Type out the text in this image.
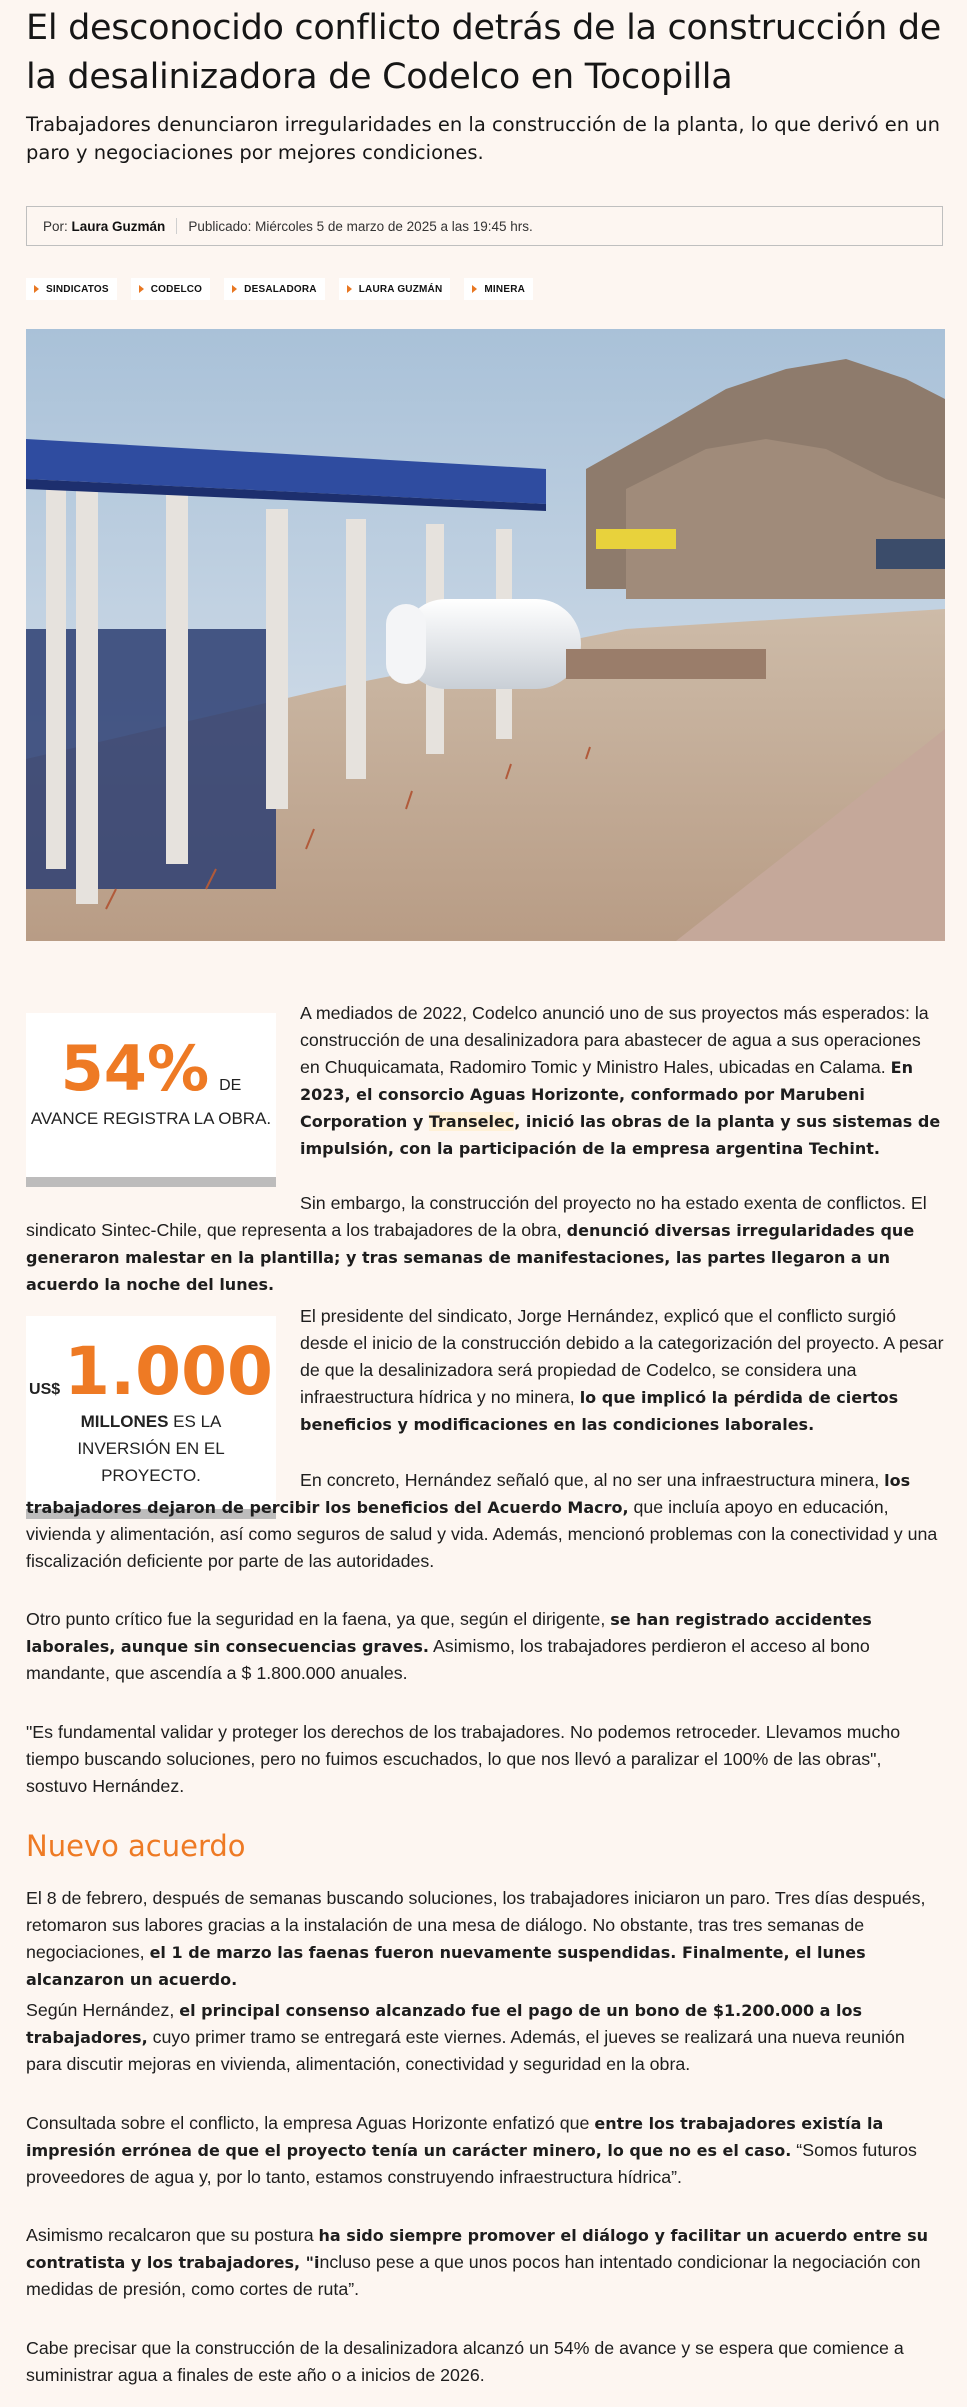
El desconocido conflicto detrás de la construcción de la desalinizadora de Codelco en Tocopilla

Trabajadores denunciaron irregularidades en la construcción de la planta, lo que derivó en un paro y negociaciones por mejores condiciones.

Por:
Laura Guzmán Publicado: Miércoles 5 de marzo de 2025 a las 19:45 hrs.
SINDICATOS	CODELCO	DESALADORA	LAURA GUZMÁN	MINERA
54% DE
AVANCE REGISTRA LA OBRA.
US$1.000
MILLONES ES LA INVERSIÓN EN EL PROYECTO.

A mediados de 2022, Codelco anunció uno de sus proyectos más esperados: la construcción de una desalinizadora para abastecer de agua a sus operaciones en Chuquicamata, Radomiro Tomic y Ministro Hales, ubicadas en Calama. En 2023, el consorcio Aguas Horizonte, conformado por Marubeni Corporation y Transelec, inició las obras de la planta y sus sistemas de impulsión, con la participación de la empresa argentina Techint.

Sin embargo, la construcción del proyecto no ha estado exenta de conflictos. El sindicato Sintec-Chile, que representa a los trabajadores de la obra, denunció diversas irregularidades que generaron malestar en la plantilla; y tras semanas de manifestaciones, las partes llegaron a un acuerdo la noche del lunes.

El presidente del sindicato, Jorge Hernández, explicó que el conflicto surgió desde el inicio de la construcción debido a la categorización del proyecto. A pesar de que la desalinizadora será propiedad de Codelco, se considera una infraestructura hídrica y no minera, lo que implicó la pérdida de ciertos beneficios y modificaciones en las condiciones laborales.

En concreto, Hernández señaló que, al no ser una infraestructura minera, los trabajadores dejaron de percibir los beneficios del Acuerdo Macro, que incluía apoyo en educación, vivienda y alimentación, así como seguros de salud y vida. Además, mencionó problemas con la conectividad y una fiscalización deficiente por parte de las autoridades.

Otro punto crítico fue la seguridad en la faena, ya que, según el dirigente, se han registrado accidentes laborales, aunque sin consecuencias graves. Asimismo, los trabajadores perdieron el acceso al bono mandante, que ascendía a $ 1.800.000 anuales.

"Es fundamental validar y proteger los derechos de los trabajadores. No podemos retroceder. Llevamos mucho tiempo buscando soluciones, pero no fuimos escuchados, lo que nos llevó a paralizar el 100% de las obras", sostuvo Hernández.

Nuevo acuerdo

El 8 de febrero, después de semanas buscando soluciones, los trabajadores iniciaron un paro. Tres días después, retomaron sus labores gracias a la instalación de una mesa de diálogo. No obstante, tras tres semanas de negociaciones, el 1 de marzo las faenas fueron nuevamente suspendidas. Finalmente, el lunes alcanzaron un acuerdo.

Según Hernández, el principal consenso alcanzado fue el pago de un bono de $1.200.000 a los trabajadores, cuyo primer tramo se entregará este viernes. Además, el jueves se realizará una nueva reunión para discutir mejoras en vivienda, alimentación, conectividad y seguridad en la obra.

Consultada sobre el conflicto, la empresa Aguas Horizonte enfatizó que entre los trabajadores existía la impresión errónea de que el proyecto tenía un carácter minero, lo que no es el caso. “Somos futuros proveedores de agua y, por lo tanto, estamos construyendo infraestructura hídrica”.

Asimismo recalcaron que su postura ha sido siempre promover el diálogo y facilitar un acuerdo entre su contratista y los trabajadores, "incluso pese a que unos pocos han intentado condicionar la negociación con medidas de presión, como cortes de ruta”.

Cabe precisar que la construcción de la desalinizadora alcanzó un 54% de avance y se espera que comience a suministrar agua a finales de este año o a inicios de 2026.
